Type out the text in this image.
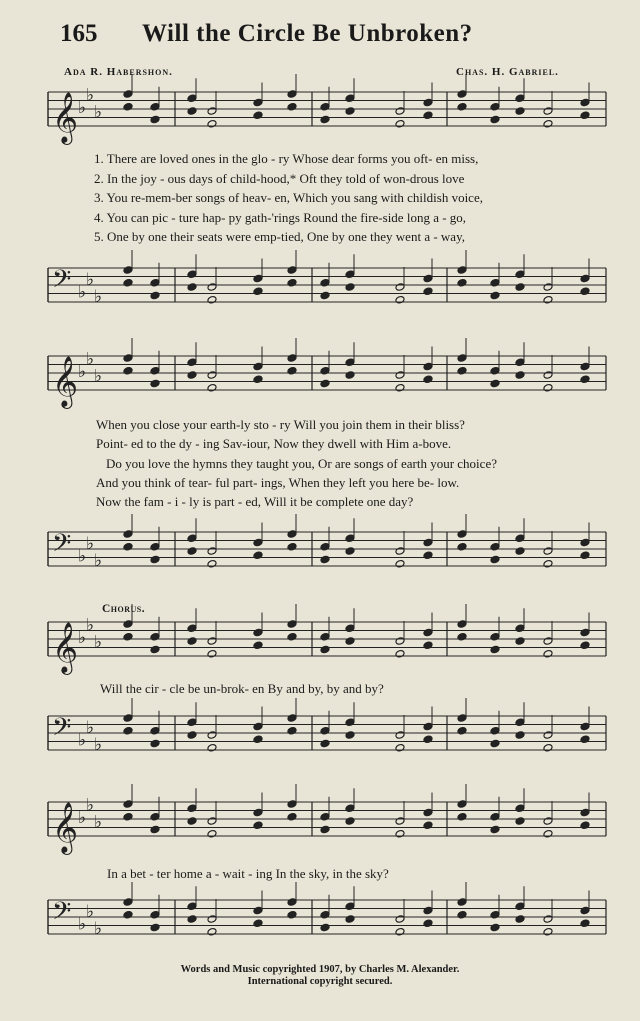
165 Will the Circle Be Unbroken?
Ada R. Habershon.	Chas. H. Gabriel.
𝄞 ♭
♭
♭
𝄢 ♭
♭
♭
1. There are loved ones in the glo - ry Whose dear forms you oft- en miss,
2. In the joy - ous days of child-hood,* Oft they told of won-drous love
3. You re-mem-ber songs of heav- en, Which you sang with childish voice,
4. You can pic - ture hap- py gath-'rings Round the fire-side long a - go,
5. One by one their seats were emp-tied, One by one they went a - way,
𝄞 ♭
♭
♭
𝄢 ♭
♭
♭
When you close your earth-ly sto - ry Will you join them in their bliss?
Point- ed to the dy - ing Sav-iour, Now they dwell with Him a-bove.
Do you love the hymns they taught you, Or are songs of earth your choice?
And you think of tear- ful part- ings, When they left you here be- low.
Now the fam - i - ly is part - ed, Will it be complete one day?
Chorus.
𝄞 ♭
♭
♭
𝄢 ♭
♭
♭
Will the cir - cle be un-brok- en By and by, by and by?
𝄞 ♭
♭
♭
𝄢 ♭
♭
♭
In a bet - ter home a - wait - ing In the sky, in the sky?
Words and Music copyrighted 1907, by Charles M. Alexander.
International copyright secured.
